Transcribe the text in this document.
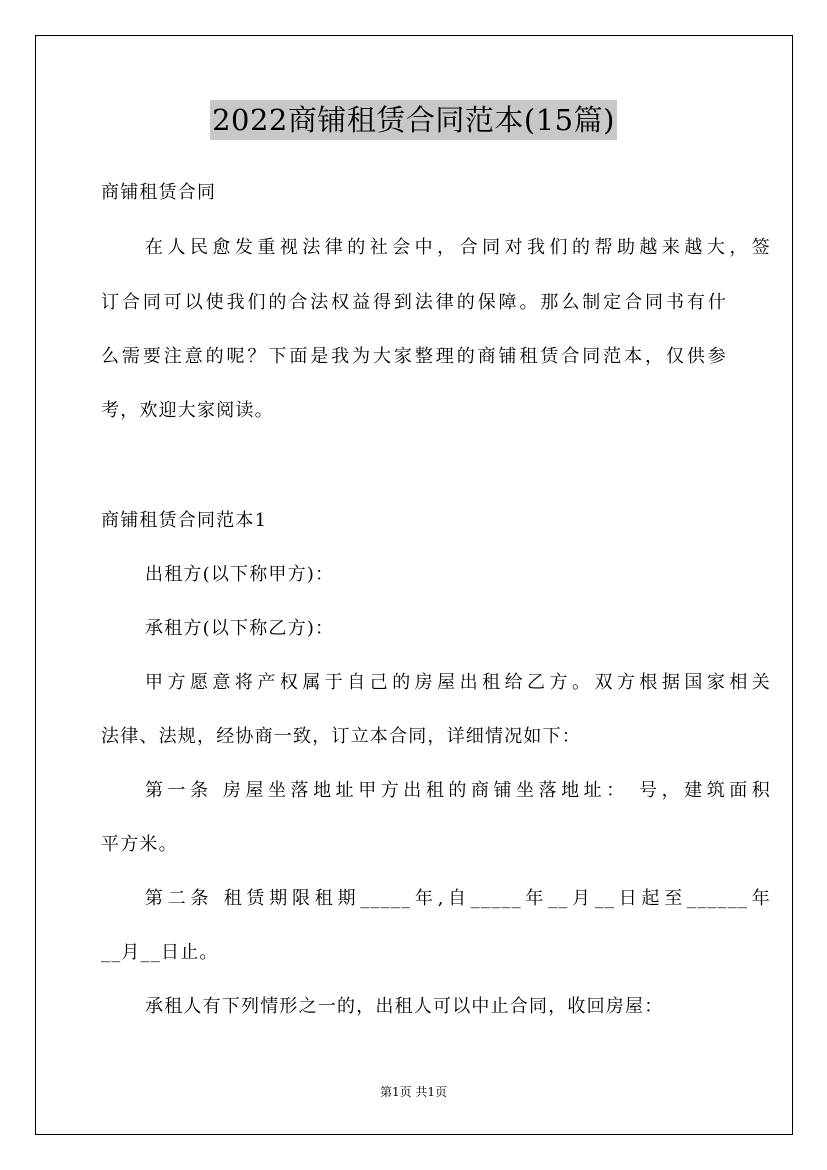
2022商铺租赁合同范本(15篇)
商铺租赁合同
在人民愈发重视法律的社会中，合同对我们的帮助越来越大，签
订合同可以使我们的合法权益得到法律的保障。那么制定合同书有什
么需要注意的呢？下面是我为大家整理的商铺租赁合同范本，仅供参
考，欢迎大家阅读。
商铺租赁合同范本1
出租方(以下称甲方)：
承租方(以下称乙方)：
甲方愿意将产权属于自己的房屋出租给乙方。双方根据国家相关
法律、法规，经协商一致，订立本合同，详细情况如下：
第一条 房屋坐落地址甲方出租的商铺坐落地址： 号，建筑面积
平方米。
第二条 租赁期限租期_____年,自_____年__月__日起至______年
__月__日止。
承租人有下列情形之一的，出租人可以中止合同，收回房屋：
第1页 共1页
